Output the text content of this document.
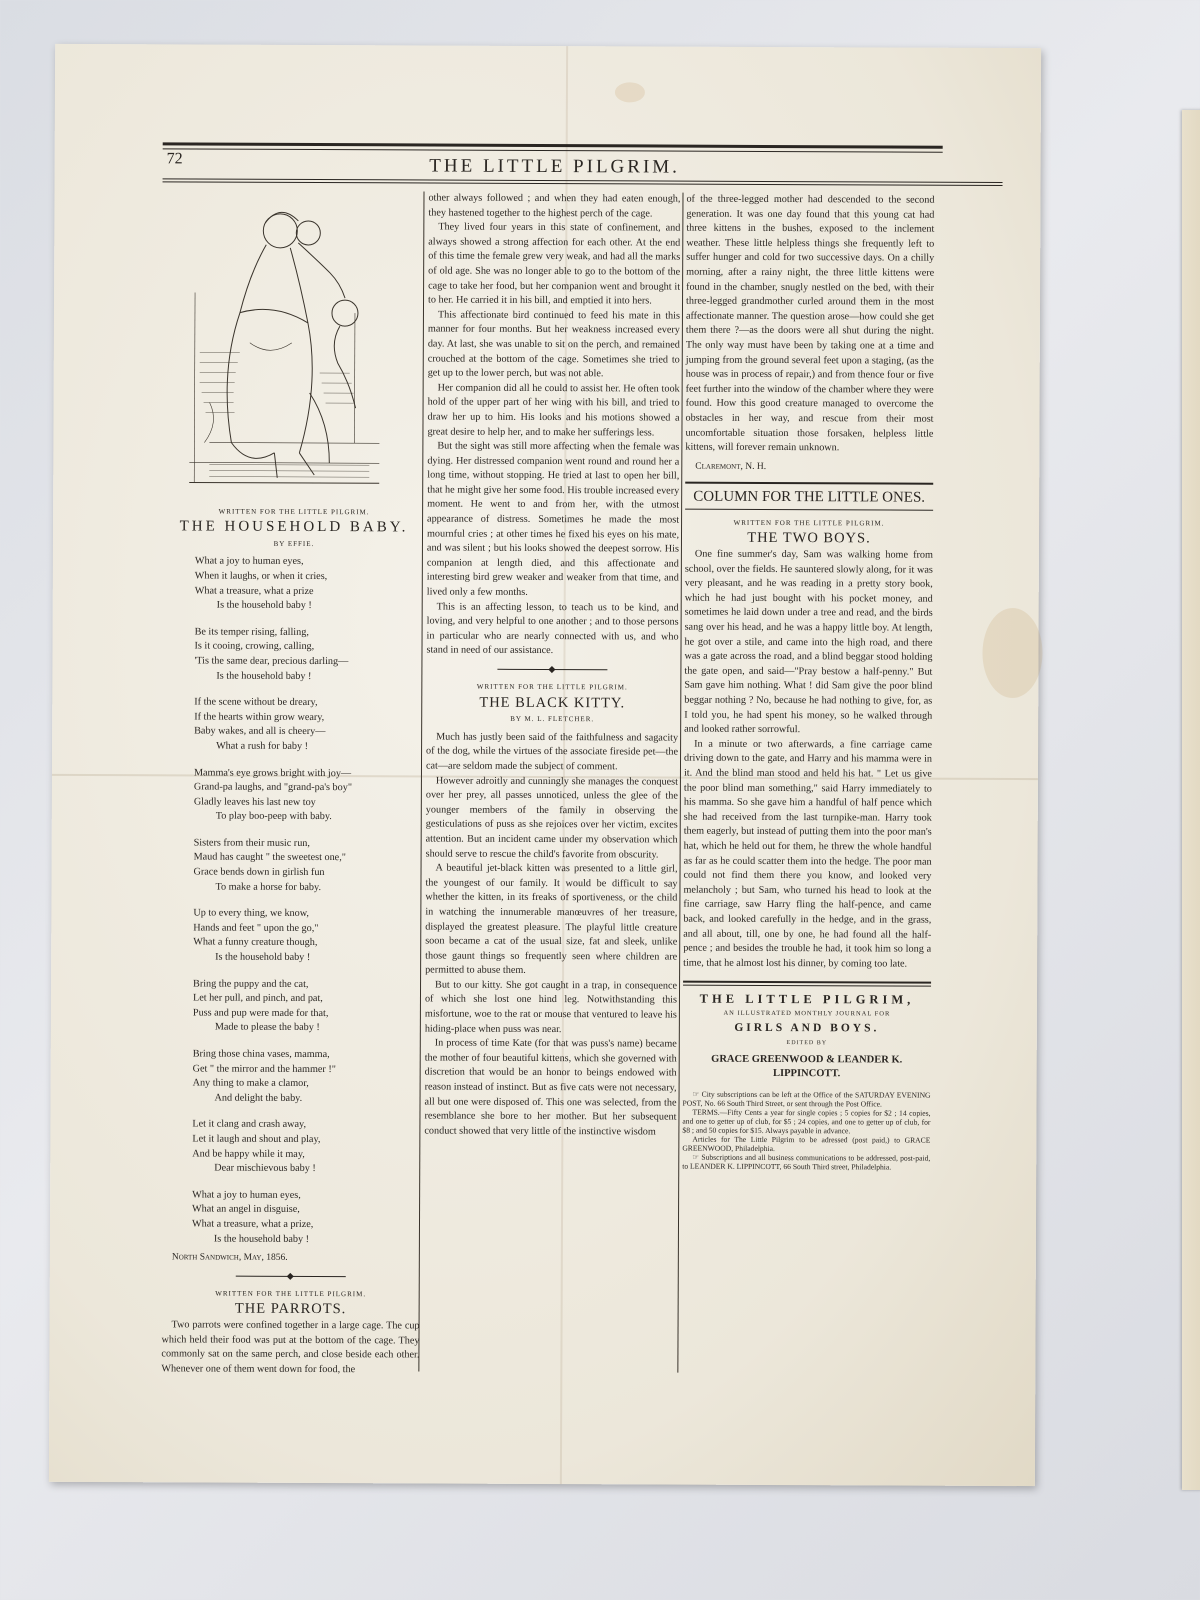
72	THE LITTLE PILGRIM.
WRITTEN FOR THE LITTLE PILGRIM.
THE HOUSEHOLD BABY.
BY EFFIE.
What a joy to human eyes,
When it laughs, or when it cries,
What a treasure, what a prize
Is the household baby !
Be its temper rising, falling,
Is it cooing, crowing, calling,
'Tis the same dear, precious darling—
Is the household baby !
If the scene without be dreary,
If the hearts within grow weary,
Baby wakes, and all is cheery—
What a rush for baby !
Mamma's eye grows bright with joy—
Grand-pa laughs, and "grand-pa's boy"
Gladly leaves his last new toy
To play boo-peep with baby.
Sisters from their music run,
Maud has caught " the sweetest one,"
Grace bends down in girlish fun
To make a horse for baby.
Up to every thing, we know,
Hands and feet " upon the go,"
What a funny creature though,
Is the household baby !
Bring the puppy and the cat,
Let her pull, and pinch, and pat,
Puss and pup were made for that,
Made to please the baby !
Bring those china vases, mamma,
Get " the mirror and the hammer !"
Any thing to make a clamor,
And delight the baby.
Let it clang and crash away,
Let it laugh and shout and play,
And be happy while it may,
Dear mischievous baby !
What a joy to human eyes,
What an angel in disguise,
What a treasure, what a prize,
Is the household baby !
North Sandwich, May, 1856.
WRITTEN FOR THE LITTLE PILGRIM.
THE PARROTS.

Two parrots were confined together in a large cage. The cup which held their food was put at the bottom of the cage. They commonly sat on the same perch, and close beside each other. Whenever one of them went down for food, the

other always followed ; and when they had eaten enough, they hastened together to the highest perch of the cage.

They lived four years in this state of confinement, and always showed a strong affection for each other. At the end of this time the female grew very weak, and had all the marks of old age. She was no longer able to go to the bottom of the cage to take her food, but her companion went and brought it to her. He carried it in his bill, and emptied it into hers.

This affectionate bird continued to feed his mate in this manner for four months. But her weakness increased every day. At last, she was unable to sit on the perch, and remained crouched at the bottom of the cage. Sometimes she tried to get up to the lower perch, but was not able.

Her companion did all he could to assist her. He often took hold of the upper part of her wing with his bill, and tried to draw her up to him. His looks and his motions showed a great desire to help her, and to make her sufferings less.

But the sight was still more affecting when the female was dying. Her distressed companion went round and round her a long time, without stopping. He tried at last to open her bill, that he might give her some food. His trouble increased every moment. He went to and from her, with the utmost appearance of distress. Sometimes he made the most mournful cries ; at other times he fixed his eyes on his mate, and was silent ; but his looks showed the deepest sorrow. His companion at length died, and this affectionate and interesting bird grew weaker and weaker from that time, and lived only a few months.

This is an affecting lesson, to teach us to be kind, and loving, and very helpful to one another ; and to those persons in particular who are nearly connected with us, and who stand in need of our assistance.

WRITTEN FOR THE LITTLE PILGRIM.
THE BLACK KITTY.
BY M. L. FLETCHER.

Much has justly been said of the faithfulness and sagacity of the dog, while the virtues of the associate fireside pet—the cat—are seldom made the subject of comment.

However adroitly and cunningly she manages the conquest over her prey, all passes unnoticed, unless the glee of the younger members of the family in observing the gesticulations of puss as she rejoices over her victim, excites attention. But an incident came under my observation which should serve to rescue the child's favorite from obscurity.

A beautiful jet-black kitten was presented to a little girl, the youngest of our family. It would be difficult to say whether the kitten, in its freaks of sportiveness, or the child in watching the innumerable manœuvres of her treasure, displayed the greatest pleasure. The playful little creature soon became a cat of the usual size, fat and sleek, unlike those gaunt things so frequently seen where children are permitted to abuse them.

But to our kitty. She got caught in a trap, in consequence of which she lost one hind leg. Notwithstanding this misfortune, woe to the rat or mouse that ventured to leave his hiding-place when puss was near.

In process of time Kate (for that was puss's name) became the mother of four beautiful kittens, which she governed with discretion that would be an honor to beings endowed with reason instead of instinct. But as five cats were not necessary, all but one were disposed of. This one was selected, from the resemblance she bore to her mother. But her subsequent conduct showed that very little of the instinctive wisdom

of the three-legged mother had descended to the second generation. It was one day found that this young cat had three kittens in the bushes, exposed to the inclement weather. These little helpless things she frequently left to suffer hunger and cold for two successive days. On a chilly morning, after a rainy night, the three little kittens were found in the chamber, snugly nestled on the bed, with their three-legged grandmother curled around them in the most affectionate manner. The question arose—how could she get them there ?—as the doors were all shut during the night. The only way must have been by taking one at a time and jumping from the ground several feet upon a staging, (as the house was in process of repair,) and from thence four or five feet further into the window of the chamber where they were found. How this good creature managed to overcome the obstacles in her way, and rescue from their most uncomfortable situation those forsaken, helpless little kittens, will forever remain unknown.

Claremont, N. H.
COLUMN FOR THE LITTLE ONES.
WRITTEN FOR THE LITTLE PILGRIM.
THE TWO BOYS.

One fine summer's day, Sam was walking home from school, over the fields. He sauntered slowly along, for it was very pleasant, and he was reading in a pretty story book, which he had just bought with his pocket money, and sometimes he laid down under a tree and read, and the birds sang over his head, and he was a happy little boy. At length, he got over a stile, and came into the high road, and there was a gate across the road, and a blind beggar stood holding the gate open, and said—"Pray bestow a half-penny." But Sam gave him nothing. What ! did Sam give the poor blind beggar nothing ? No, because he had nothing to give, for, as I told you, he had spent his money, so he walked through and looked rather sorrowful.

In a minute or two afterwards, a fine carriage came driving down to the gate, and Harry and his mamma were in it. And the blind man stood and held his hat. " Let us give the poor blind man something," said Harry immediately to his mamma. So she gave him a handful of half pence which she had received from the last turnpike-man. Harry took them eagerly, but instead of putting them into the poor man's hat, which he held out for them, he threw the whole handful as far as he could scatter them into the hedge. The poor man could not find them there you know, and looked very melancholy ; but Sam, who turned his head to look at the fine carriage, saw Harry fling the half-pence, and came back, and looked carefully in the hedge, and in the grass, and all about, till, one by one, he had found all the half-pence ; and besides the trouble he had, it took him so long a time, that he almost lost his dinner, by coming too late.

THE LITTLE PILGRIM,
AN ILLUSTRATED MONTHLY JOURNAL FOR
GIRLS AND BOYS.
EDITED BY
GRACE GREENWOOD & LEANDER K. LIPPINCOTT.

☞ City subscriptions can be left at the Office of the SATURDAY EVENING POST, No. 66 South Third Street, or sent through the Post Office.

TERMS.—Fifty Cents a year for single copies ; 5 copies for $2 ; 14 copies, and one to getter up of club, for $5 ; 24 copies, and one to getter up of club, for $8 ; and 50 copies for $15. Always payable in advance.

Articles for The Little Pilgrim to be adressed (post paid,) to GRACE GREENWOOD, Philadelphia.

☞ Subscriptions and all business communications to be addressed, post-paid, to LEANDER K. LIPPINCOTT, 66 South Third street, Philadelphia.
